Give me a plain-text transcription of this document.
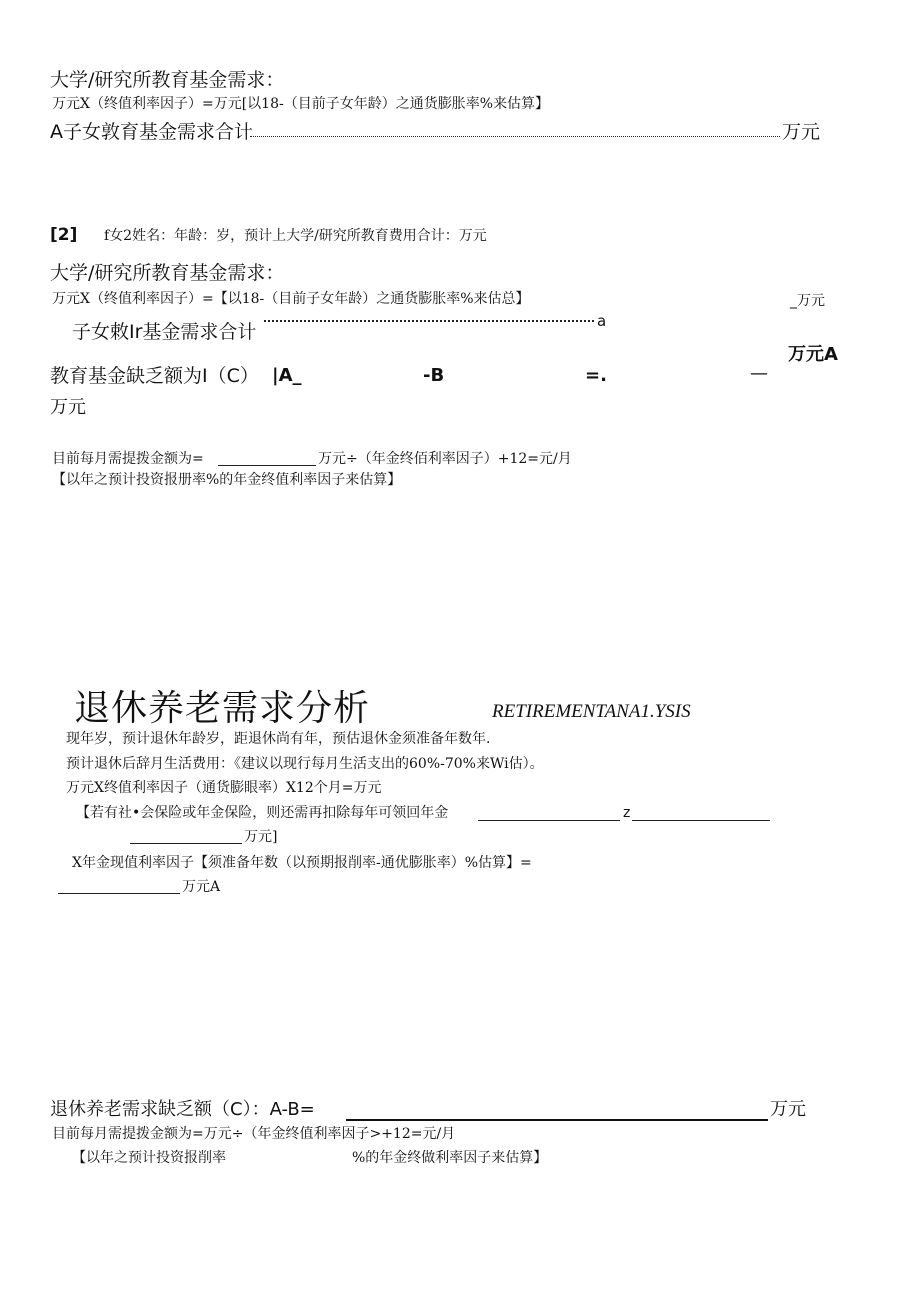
大学/研究所教育基金需求：
万元X（终值利率因子）=万元[以18-（目前子女年龄）之通货膨胀率%来估算】
A子女敦育基金需求合计	万元
[2] f女2姓名：年龄：岁，预计上大学/研究所教育费用合计：万元
大学/研究所教育基金需求：
万元X（终值利率因子）=【以18-（目前子女年龄）之通货膨胀率%来估总】	_万元
子女敕Ir基金需求合计	a
万元A
教育基金缺乏额为I（C） |A_	-B	=.	—
万元
目前每月需提拨金额为=	万元÷（年金终佰利率因子）+12=元/月
【以年之预计投资报册率%的年金终值利率因子来估算】
退休养老需求分析	RETIREMENTANA1.YSIS
现年岁，预计退休年龄岁，距退休尚有年，预估退休金须准备年数年.
预计退休后辞月生活费用：《建议以现行每月生活支出的60%-70%来Wi估）。
万元X终值利率因子（通货膨眼率）X12个月=万元
【若有社•会保险或年金保险，则还需再扣除每年可领回年金	z
万元]
X年金现值利率因子【须准备年数（以预期报削率-通优膨胀率）%估算】=
万元A
退休养老需求缺乏额（C）：A-B=	万元
目前每月需提拨金额为=万元÷（年金终值利率因子>+12=元/月
【以年之预计投资报削率	%的年金终做利率因子来估算】
